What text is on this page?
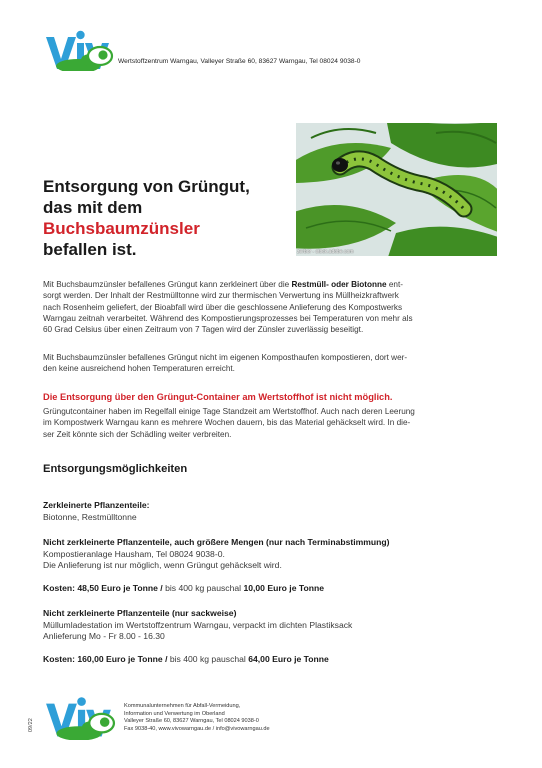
Wertstoffzentrum Warngau, Valleyer Straße 60, 83627 Warngau, Tel 08024 9038-0
zerbor - stock.adobe.com
Entsorgung von Grüngut,
das mit dem
Buchsbaumzünsler
befallen ist.
Mit Buchsbaumzünsler befallenes Grüngut kann zerkleinert über die Restmüll- oder Biotonne ent-
sorgt werden. Der Inhalt der Restmülltonne wird zur thermischen Verwertung ins Müllheizkraftwerk
nach Rosenheim geliefert, der Bioabfall wird über die geschlossene Anlieferung des Kompostwerks
Warngau zeitnah verarbeitet. Während des Kompostierungsprozesses bei Temperaturen von mehr als
60 Grad Celsius über einen Zeitraum von 7 Tagen wird der Zünsler zuverlässig beseitigt.
Mit Buchsbaumzünsler befallenes Grüngut nicht im eigenen Komposthaufen kompostieren, dort wer-
den keine ausreichend hohen Temperaturen erreicht.
Die Entsorgung über den Grüngut-Container am Wertstoffhof ist nicht möglich.
Grüngutcontainer haben im Regelfall einige Tage Standzeit am Wertstoffhof. Auch nach deren Leerung
im Kompostwerk Warngau kann es mehrere Wochen dauern, bis das Material gehäckselt wird. In die-
ser Zeit könnte sich der Schädling weiter verbreiten.
Entsorgungsmöglichkeiten
Zerkleinerte Pflanzenteile:
Biotonne, Restmülltonne
Nicht zerkleinerte Pflanzenteile, auch größere Mengen (nur nach Terminabstimmung)
Kompostieranlage Hausham, Tel 08024 9038-0.
Die Anlieferung ist nur möglich, wenn Grüngut gehäckselt wird.
Kosten: 48,50 Euro je Tonne / bis 400 kg pauschal 10,00 Euro je Tonne
Nicht zerkleinerte Pflanzenteile (nur sackweise)
Müllumladestation im Wertstoffzentrum Warngau, verpackt im dichten Plastiksack
Anlieferung Mo - Fr 8.00 - 16.30
Kosten: 160,00 Euro je Tonne / bis 400 kg pauschal 64,00 Euro je Tonne
09/22
Kommunalunternehmen für Abfall-Vermeidung,
Information und Verwertung im Oberland
Valleyer Straße 60, 83627 Warngau, Tel 08024 9038-0
Fax 9038-40, www.vivowarngau.de / info@vivowarngau.de
